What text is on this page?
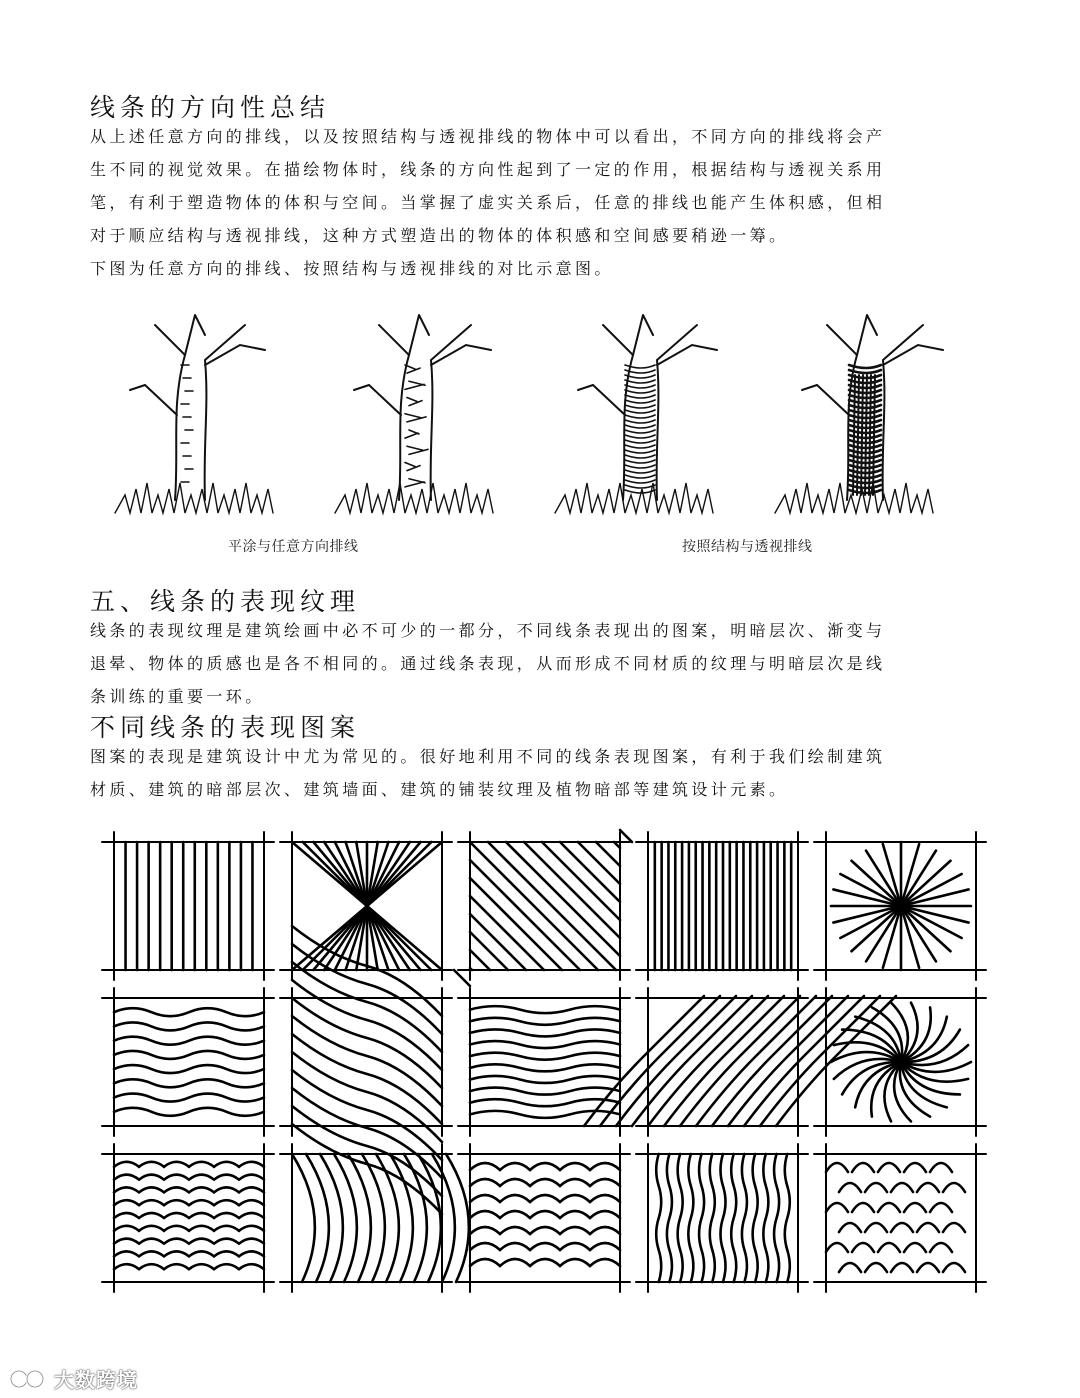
线条的方向性总结
从上述任意方向的排线，以及按照结构与透视排线的物体中可以看出，不同方向的排线将会产
生不同的视觉效果。在描绘物体时，线条的方向性起到了一定的作用，根据结构与透视关系用
笔，有利于塑造物体的体积与空间。当掌握了虚实关系后，任意的排线也能产生体积感，但相
对于顺应结构与透视排线，这种方式塑造出的物体的体积感和空间感要稍逊一筹。
下图为任意方向的排线、按照结构与透视排线的对比示意图。
平涂与任意方向排线	按照结构与透视排线
五、线条的表现纹理
线条的表现纹理是建筑绘画中必不可少的一都分，不同线条表现出的图案，明暗层次、渐变与
退晕、物体的质感也是各不相同的。通过线条表现，从而形成不同材质的纹理与明暗层次是线
条训练的重要一环。
不同线条的表现图案
图案的表现是建筑设计中尤为常见的。很好地利用不同的线条表现图案，有利于我们绘制建筑
材质、建筑的暗部层次、建筑墙面、建筑的铺装纹理及植物暗部等建筑设计元素。
大数跨境
